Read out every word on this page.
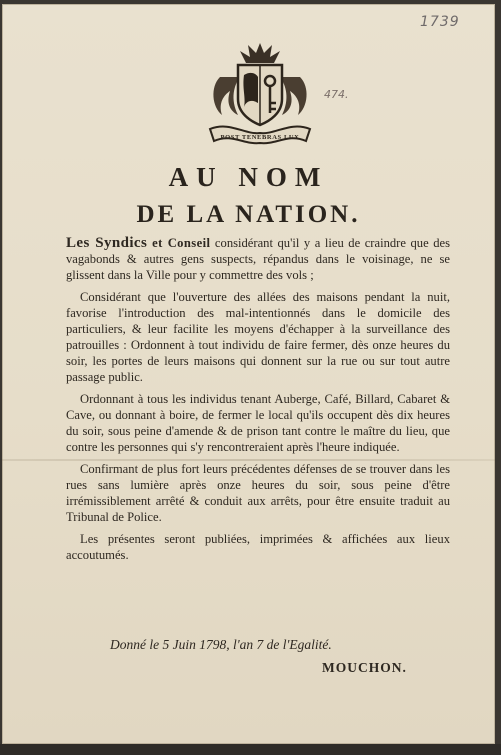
1739
474.
POST TENEBRAS LUX
AU NOM
DE LA NATION.

Les Syndics et Conseil considérant qu'il y a lieu de craindre que des vagabonds & autres gens suspects, répandus dans le voisinage, ne se glissent dans la Ville pour y commettre des vols ;

Considérant que l'ouverture des allées des maisons pendant la nuit, favorise l'introduction des mal-intentionnés dans le domicile des particuliers, & leur facilite les moyens d'échapper à la surveillance des patrouilles : Ordonnent à tout individu de faire fermer, dès onze heures du soir, les portes de leurs maisons qui donnent sur la rue ou sur tout autre passage public.

Ordonnant à tous les individus tenant Auberge, Café, Billard, Cabaret & Cave, ou donnant à boire, de fermer le local qu'ils occupent dès dix heures du soir, sous peine d'amende & de prison tant contre le maître du lieu, que contre les personnes qui s'y rencontreraient après l'heure indiquée.

Confirmant de plus fort leurs précédentes défenses de se trouver dans les rues sans lumière après onze heures du soir, sous peine d'être irrémissiblement arrêté & conduit aux arrêts, pour être ensuite traduit au Tribunal de Police.

Les présentes seront publiées, imprimées & affichées aux lieux accoutumés.

Donné le 5 Juin 1798, l'an 7 de l'Egalité.
MOUCHON.
